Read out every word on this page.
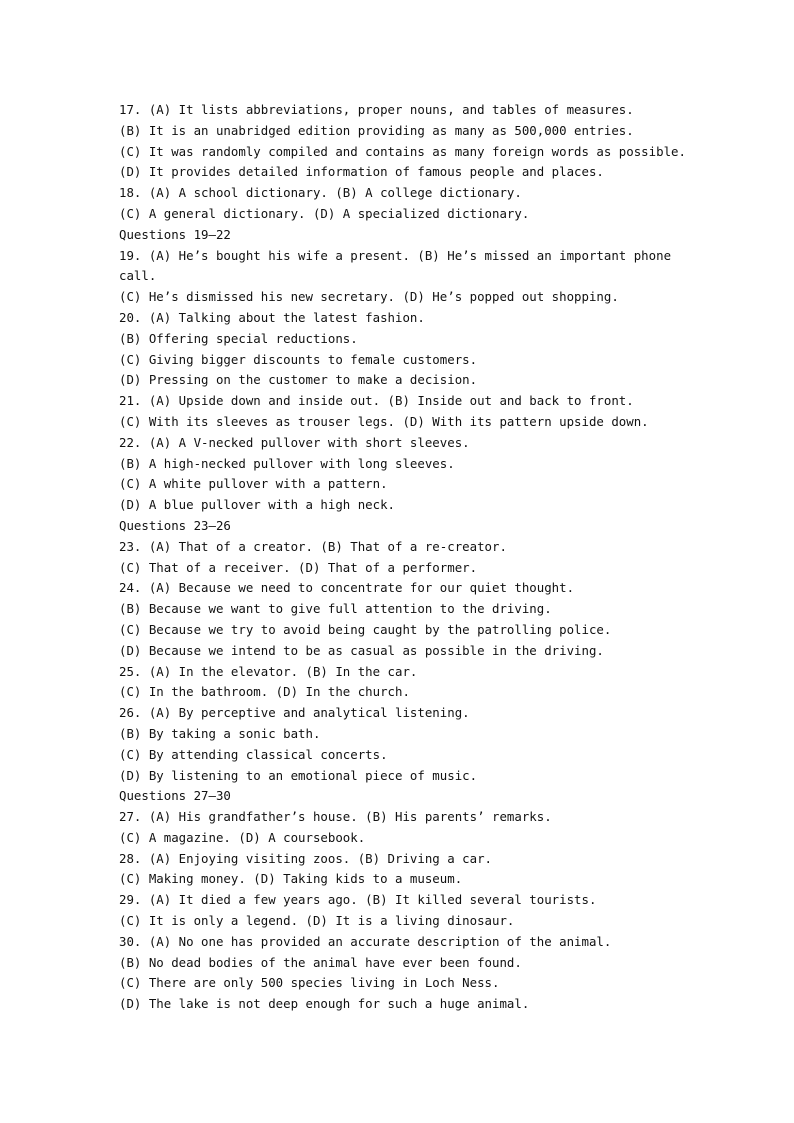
17. (A) It lists abbreviations, proper nouns, and tables of measures.
(B) It is an unabridged edition providing as many as 500,000 entries.
(C) It was randomly compiled and contains as many foreign words as possible.
(D) It provides detailed information of famous people and places.
18. (A) A school dictionary. (B) A college dictionary.
(C) A general dictionary. (D) A specialized dictionary.
Questions 19—22
19. (A) He’s bought his wife a present. (B) He’s missed an important phone
call.
(C) He’s dismissed his new secretary. (D) He’s popped out shopping.
20. (A) Talking about the latest fashion.
(B) Offering special reductions.
(C) Giving bigger discounts to female customers.
(D) Pressing on the customer to make a decision.
21. (A) Upside down and inside out. (B) Inside out and back to front.
(C) With its sleeves as trouser legs. (D) With its pattern upside down.
22. (A) A V-necked pullover with short sleeves.
(B) A high-necked pullover with long sleeves.
(C) A white pullover with a pattern.
(D) A blue pullover with a high neck.
Questions 23—26
23. (A) That of a creator. (B) That of a re-creator.
(C) That of a receiver. (D) That of a performer.
24. (A) Because we need to concentrate for our quiet thought.
(B) Because we want to give full attention to the driving.
(C) Because we try to avoid being caught by the patrolling police.
(D) Because we intend to be as casual as possible in the driving.
25. (A) In the elevator. (B) In the car.
(C) In the bathroom. (D) In the church.
26. (A) By perceptive and analytical listening.
(B) By taking a sonic bath.
(C) By attending classical concerts.
(D) By listening to an emotional piece of music.
Questions 27—30
27. (A) His grandfather’s house. (B) His parents’ remarks.
(C) A magazine. (D) A coursebook.
28. (A) Enjoying visiting zoos. (B) Driving a car.
(C) Making money. (D) Taking kids to a museum.
29. (A) It died a few years ago. (B) It killed several tourists.
(C) It is only a legend. (D) It is a living dinosaur.
30. (A) No one has provided an accurate description of the animal.
(B) No dead bodies of the animal have ever been found.
(C) There are only 500 species living in Loch Ness.
(D) The lake is not deep enough for such a huge animal.
